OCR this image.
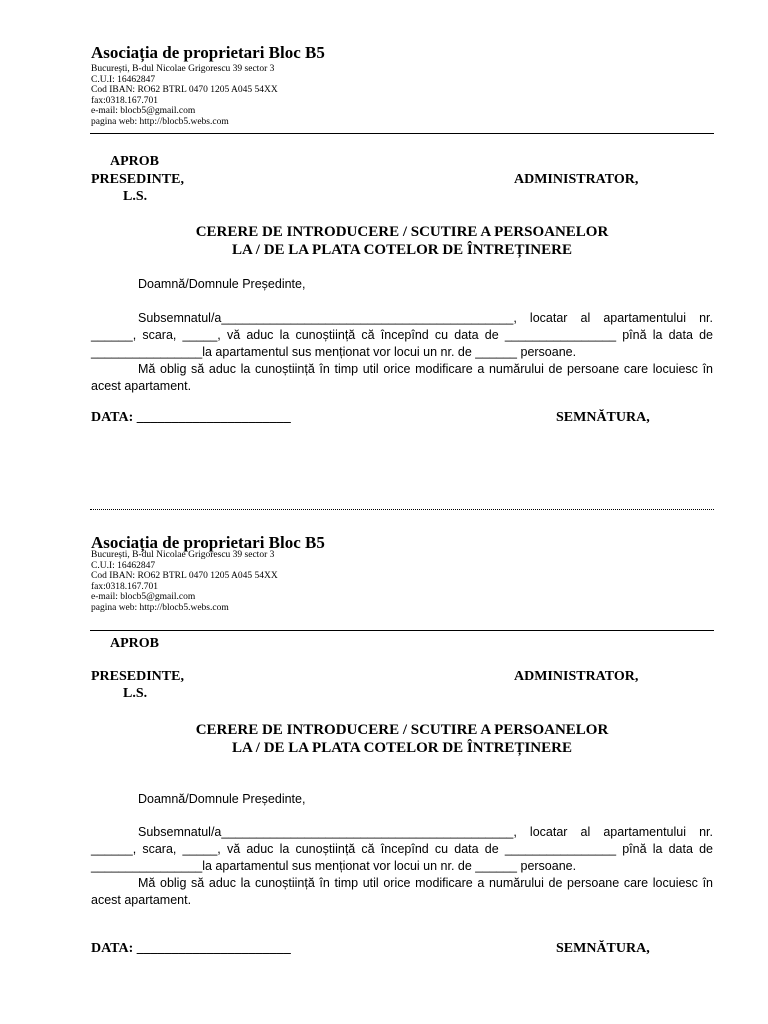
Asociația de proprietari Bloc B5
București, B-dul Nicolae Grigorescu 39 sector 3
C.U.I: 16462847
Cod IBAN: RO62 BTRL 0470 1205 A045 54XX
fax:0318.167.701
e-mail: blocb5@gmail.com
pagina web: http://blocb5.webs.com
APROB
PRESEDINTE,	ADMINISTRATOR,
L.S.
CERERE DE INTRODUCERE / SCUTIRE A PERSOANELOR
LA / DE LA PLATA COTELOR DE ÎNTREȚINERE
Doamnă/Domnule Președinte,

Subsemnatul/a__________________________________________, locatar al apartamentului nr. ______, scara, _____, vă aduc la cunoștiință că începînd cu data de ________________ pînă la data de ________________la apartamentul sus menționat vor locui un nr. de ______ persoane.

Mă oblig să aduc la cunoștiință în timp util orice modificare a numărului de persoane care locuiesc în acest apartament.

DATA: ______________________	SEMNĂTURA,
Asociația de proprietari Bloc B5
București, B-dul Nicolae Grigorescu 39 sector 3
C.U.I: 16462847
Cod IBAN: RO62 BTRL 0470 1205 A045 54XX
fax:0318.167.701
e-mail: blocb5@gmail.com
pagina web: http://blocb5.webs.com
APROB
PRESEDINTE,	ADMINISTRATOR,
L.S.
CERERE DE INTRODUCERE / SCUTIRE A PERSOANELOR
LA / DE LA PLATA COTELOR DE ÎNTREȚINERE
Doamnă/Domnule Președinte,

Subsemnatul/a__________________________________________, locatar al apartamentului nr. ______, scara, _____, vă aduc la cunoștiință că începînd cu data de ________________ pînă la data de ________________la apartamentul sus menționat vor locui un nr. de ______ persoane.

Mă oblig să aduc la cunoștiință în timp util orice modificare a numărului de persoane care locuiesc în acest apartament.

DATA: ______________________	SEMNĂTURA,
